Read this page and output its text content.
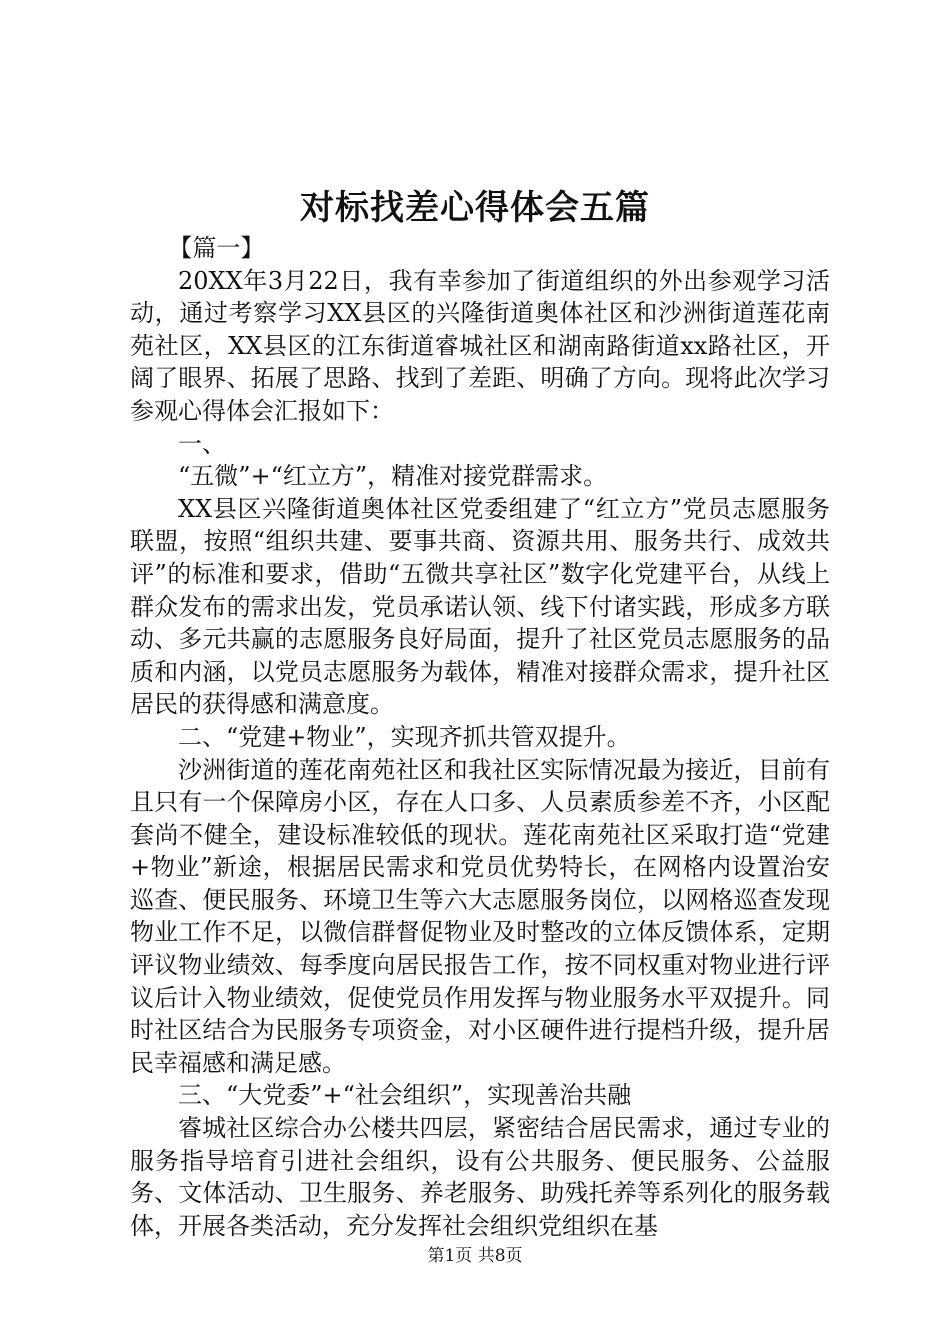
对标找差心得体会五篇

【篇一】

20XX年3月22日，我有幸参加了街道组织的外出参观学习活动，通过考察学习XX县区的兴隆街道奥体社区和沙洲街道莲花南苑社区，XX县区的江东街道睿城社区和湖南路街道xx路社区，开阔了眼界、拓展了思路、找到了差距、明确了方向。现将此次学习参观心得体会汇报如下：

一、

“五微”+“红立方”，精准对接党群需求。

XX县区兴隆街道奥体社区党委组建了“红立方”党员志愿服务联盟，按照“组织共建、要事共商、资源共用、服务共行、成效共评”的标准和要求，借助“五微共享社区”数字化党建平台，从线上群众发布的需求出发，党员承诺认领、线下付诸实践，形成多方联动、多元共赢的志愿服务良好局面，提升了社区党员志愿服务的品质和内涵，以党员志愿服务为载体，精准对接群众需求，提升社区居民的获得感和满意度。

二、“党建+物业”，实现齐抓共管双提升。

沙洲街道的莲花南苑社区和我社区实际情况最为接近，目前有且只有一个保障房小区，存在人口多、人员素质参差不齐，小区配套尚不健全，建设标准较低的现状。莲花南苑社区采取打造“党建+物业”新途，根据居民需求和党员优势特长，在网格内设置治安巡查、便民服务、环境卫生等六大志愿服务岗位，以网格巡查发现物业工作不足，以微信群督促物业及时整改的立体反馈体系，定期评议物业绩效、每季度向居民报告工作，按不同权重对物业进行评议后计入物业绩效，促使党员作用发挥与物业服务水平双提升。同时社区结合为民服务专项资金，对小区硬件进行提档升级，提升居民幸福感和满足感。

三、“大党委”+“社会组织”，实现善治共融

睿城社区综合办公楼共四层，紧密结合居民需求，通过专业的服务指导培育引进社会组织，设有公共服务、便民服务、公益服务、文体活动、卫生服务、养老服务、助残托养等系列化的服务载体，开展各类活动，充分发挥社会组织党组织在基

第1页 共8页
